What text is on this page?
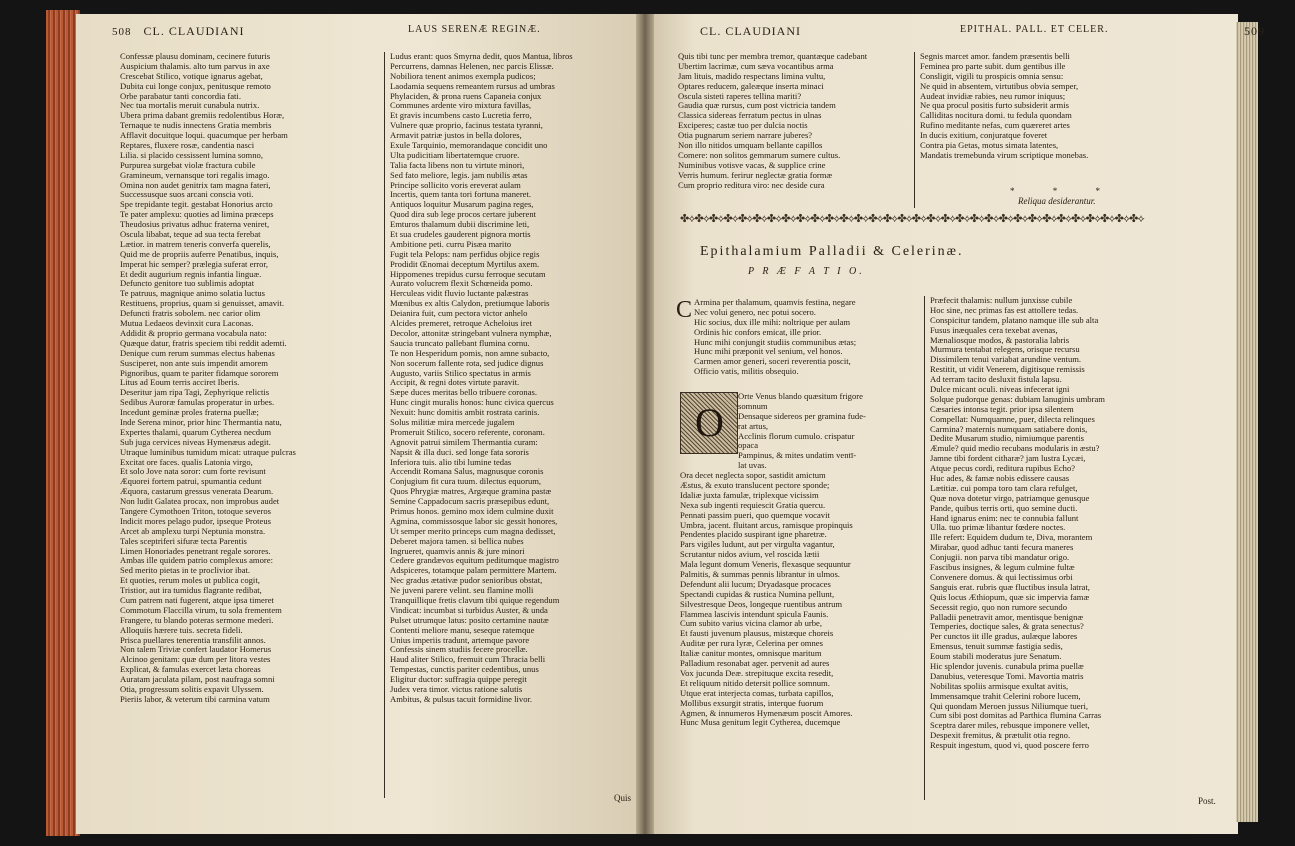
508 CL. CLAUDIANI	LAUS SERENÆ REGINÆ.
Confessæ plausu dominam, cecinere futuris
Auspicium thalamis. alto tum parvus in axe
Crescebat Stilico, votique ignarus agebat,
Dubita cui longe conjux, penitusque remoto
Orbe parabatur tanti concordia fati.
Nec tua mortalis meruit cunabula nutrix.
Ubera prima dabant gremiis redolentibus Horæ,
Ternaque te nudis innectens Gratia membris
Afflavit docuitque loqui. quacumque per herbam
Reptares, fluxere rosæ, candentia nasci
Lilia. si placido cessissent lumina somno,
Purpurea surgebat violæ fractura cubile
Gramineum, vernansque tori regalis imago.
Omina non audet genitrix tam magna fateri,
Successusque suos arcani conscia voti.
Spe trepidante tegit. gestabat Honorius arcto
Te pater amplexu: quoties ad limina præceps
Theudosius privatus adhuc fraterna veniret,
Oscula libabat, teque ad sua tecta ferebat
Lætior. in matrem teneris converfa querelis,
Quid me de propriis auferre Penatibus, inquis,
Imperat hic semper? prælegia suferat error,
Et dedit augurium regnis infantia linguæ.
Defuncto genitore tuo sublimis adoptat
Te patruus, magnique animo solatia luctus
Restituens, proprius, quam si genuisset, amavit.
Defuncti fratris sobolem. nec carior olim
Mutua Ledaeos devinxit cura Laconas.
Addidit & proprio germana vocabula nato:
Quæque datur, fratris speciem tibi reddit ademti.
Denique cum rerum summas electus habenas
Susciperet, non ante suis impendit amorem
Pignoribus, quam te pariter fidamque sororem
Litus ad Eoum terris acciret Iberis.
Deseritur jam ripa Tagi, Zephyrique relictis
Sedibus Auroræ famulas properatur in urbes.
Incedunt geminæ proles fraterna puellæ;
Inde Serena minor, prior hinc Thermantia natu,
Expertes thalami, quarum Cytherea necdum
Sub juga cervices niveas Hymenæus adegit.
Utraque luminibus tumidum micat: utraque pulcras
Excitat ore faces. qualis Latonia virgo,
Et solo Jove nata soror: cum forte revisunt
Æquorei fortem patrui, spumantia cedunt
Æquora, castarum gressus venerata Dearum.
Non ludit Galatea procax, non improbus audet
Tangere Cymothoen Triton, totoque severos
Indicit mores pelago pudor, ipseque Proteus
Arcet ab amplexu turpi Neptunia monstra.
Tales sceptriferi sifuræ tecta Parentis
Limen Honoriades penetrant regale sorores.
Ambas ille quidem patrio complexus amore:
Sed merito pietas in te proclivior ibat.
Et quoties, rerum moles ut publica cogit,
Tristior, aut ira tumidus flagrante redibat,
Cum patrem nati fugerent, atque ipsa timeret
Commotum Flaccilla virum, tu sola frementem
Frangere, tu blando poteras sermone mederi.
Alloquiis hærere tuis. secreta fideli.
Prisca puellares tenerentia transfilit annos.
Non talem Triviæ confert laudator Homerus
Alcinoo genitam: quæ dum per litora vestes
Explicat, & famulas exercet læta choreas
Auratam jaculata pilam, post naufraga somni
Otia, progressum solitis expavit Ulyssem.
Pieriis labor, & veterum tibi carmina vatum
Ludus erant: quos Smyrna dedit, quos Mantua, libros
Percurrens, damnas Helenen, nec parcis Elissæ.
Nobiliora tenent animos exempla pudicos;
Laodamia sequens remeantem rursus ad umbras
Phylaciden, & prona ruens Capaneia conjux
Communes ardente viro mixtura favillas,
Et gravis incumbens casto Lucretia ferro,
Vulnere quæ proprio, facinus testata tyranni,
Armavit patriæ justos in bella dolores,
Exule Tarquinio, memorandaque concidit uno
Ulta pudicitiam libertatemque cruore.
Talia facta libens non tu virtute minori,
Sed fato meliore, legis. jam nubilis ætas
Principe sollicito voris ereverat aulam
Incertis, quem tanta tori fortuna maneret.
Antiquos loquitur Musarum pagina reges,
Quod dira sub lege procos certare juberent
Emturos thalamum dubii discrimine leti,
Et sua crudeles gauderent pignora mortis
Ambitione peti. curru Pisæa marito
Fugit tela Pelops: nam perfidus objice regis
Prodidit Œnomai deceptum Myrtilus axem.
Hippomenes trepidus cursu ferroque secutam
Aurato volucrem flexit Schœneida pomo.
Herculeas vidit fluvio luctante palæstras
Mœnibus ex altis Calydon, pretiumque laboris
Deianira fuit, cum pectora victor anhelo
Alcides premeret, retroque Acheloius iret
Decolor, attonitæ stringebant vulnera nymphæ,
Saucia truncato pallebant flumina cornu.
Te non Hesperidum pomis, non amne subacto,
Non socerum fallente rota, sed judice dignus
Augusto, variis Stilico spectatus in armis
Accipit, & regni dotes virtute paravit.
Sæpe duces meritas bello tribuere coronas.
Hunc cingit muralis honos: hunc civica quercus
Nexuit: hunc domitis ambit rostrata carinis.
Solus militiæ mira mercede jugalem
Promeruit Stilico, socero referente, coronam.
Agnovit patrui similem Thermantia curam:
Napsit & illa duci. sed longe fata sororis
Inferiora tuis. alio tibi lumine tedas
Accendit Romana Salus, magnusque coronis
Conjugium fit cura tuum. dilectus equorum,
Quos Phrygiæ matres, Argæque gramina pastæ
Semine Cappadocum sacris præsepibus edunt,
Primus honos. gemino mox idem culmine duxit
Agmina, commissosque labor sic gessit honores,
Ut semper merito princeps cum magna dedisset,
Deberet majora tamen. si bellica nubes
Ingrueret, quamvis annis & jure minori
Cedere grandævos equitum peditumque magistro
Adspiceres, totamque palam permittere Martem.
Nec gradus ætativæ pudor senioribus obstat,
Ne juveni parere velint. seu flamine molli
Tranquillique fretis clavum tibi quique regendum
Vindicat: incumbat si turbidus Auster, & unda
Pulset utrumque latus: posito certamine nautæ
Contenti meliore manu, seseque ratemque
Unius imperiis tradunt, artemque pavore
Confessis sinem studiis fecere procellæ.
Haud aliter Stilico, fremuit cum Thracia belli
Tempestas, cunctis pariter cedentibus, unus
Eligitur ductor: suffragia quippe peregit
Judex vera timor. victus ratione salutis
Ambitus, & pulsus tacuit formidine livor.
Quis
CL. CLAUDIANI	EPITHAL. PALL. ET CELER.	509
Quis tibi tunc per membra tremor, quantæque cadebant
Ubertim lacrimæ, cum sæva vocantibus arma
Jam lituis, madido respectans limina vultu,
Optares reducem, galeæque inserta minaci
Oscula sisteti raperes tellina mariti?
Gaudia quæ rursus, cum post victricia tandem
Classica sidereas ferratum pectus in ulnas
Exciperes; castæ tuo per dulcia noctis
Otia pugnarum seriem narrare juberes?
Non illo nitidos umquam bellante capillos
Comere: non solitos gemmarum sumere cultus.
Numinibus votisve vacas, & supplice crine
Verris humum. ferirur neglectæ gratia formæ
Cum proprio reditura viro: nec deside cura
Segnis marcet amor. fandem præsentis belli
Feminea pro parte subit. dum gentibus ille
Consligit, vigili tu prospicis omnia sensu:
Ne quid in absentem, virtutibus obvia semper,
Audeat invidiæ rabies, neu rumor iniquus;
Ne qua procul positis furto subsiderit armis
Calliditas nocitura domi. tu fedula quondam
Rufino meditante nefas, cum quæreret artes
In ducis exitium, conjuratque foveret
Contra pia Getas, motus simata latentes,
Mandatis tremebunda virum scriptique monebas.
* * *
Reliqua desiderantur.
✤⟡✤⟡✤⟡✤⟡✤⟡✤⟡✤⟡✤⟡✤⟡✤⟡✤⟡✤⟡✤⟡✤⟡✤⟡✤⟡✤⟡✤⟡✤⟡✤⟡✤⟡✤⟡✤⟡✤⟡✤⟡✤⟡✤⟡✤⟡✤⟡✤⟡✤⟡✤⟡
Epithalamium Palladii & Celerinæ.
P R Æ F A T I O.
C Armina per thalamum, quamvis festina, negare
Nec volui genero, nec potui socero.
Hic socius, dux ille mihi: noltrique per aulam
Ordinis hic confors emicat, ille prior.
Hunc mihi conjungit studiis communibus ætas;
Hunc mihi præponit vel senium, vel honos.
Carmen amor generi, soceri reverentia poscit,
Officio vatis, militis obsequio.
O
Orte Venus blando quæsitum frigore
somnum
Densaque sidereos per gramina fude-
rat artus,
Acclinis florum cumulo. crispatur
opaca
Pampinus, & mites undatim ventī-
lat uvas.
Ora decet neglecta sopor, sastidit amictum
Æstus, & exuto translucent pectore sponde;
Idaliæ juxta famulæ, triplexque vicissim
Nexa sub ingenti requiescit Gratia quercu.
Pennati passim pueri, quo quemque vocavit
Umbra, jacent. fluitant arcus, ramisque propinquis
Pendentes placido suspirant igne pharetræ.
Pars vigiles ludunt, aut per virgulta vagantur,
Scrutantur nidos avium, vel roscida lætii
Mala legunt domum Veneris, flexasque sequuntur
Palmitis, & summas pennis librantur in ulmos.
Defendunt alii lucum; Dryadasque procaces
Spectandi cupidas & rustica Numina pellunt,
Silvestresque Deos, longeque ruentibus antrum
Flammea lascivis intendunt spicula Faunis.
Cum subito varius vicina clamor ab urbe,
Et fausti juvenum plausus, mistæque choreis
Auditæ per rura lyræ, Celerina per omnes
Italiæ canitur montes, omnisque maritum
Palladium resonabat ager. pervenit ad aures
Vox jucunda Deæ. strepituque excita resedit,
Et reliquum nitido detersit pollice somnum.
Utque erat interjecta comas, turbata capillos,
Mollibus exsurgit stratis, interque fuorum
Agmen, & innumeros Hymenæum poscit Amores.
Hunc Musa genitum legit Cytherea, ducemque
Præfecit thalamis: nullum junxisse cubile
Hoc sine, nec primas fas est attollere tedas.
Conspicitur tandem, platano namque ille sub alta
Fusus inæquales cera texebat avenas,
Mænaliosque modos, & pastoralia labris
Murmura tentabat relegens, orisque recursu
Dissimilem tenui variabat arundine ventum.
Restitit, ut vidit Venerem, digitisque remissis
Ad terram tacito desluxit fistula lapsu.
Dulce micant oculi. niveas infecerat igni
Solque pudorque genas: dubiam lanuginis umbram
Cæsaries intonsa tegit. prior ipsa silentem
Compellat: Numquamne, puer, dilecta relinques
Carmina? maternis numquam satiabere donis,
Dedite Musarum studio, nimiumque parentis
Æmule? quid medio recubans modularis in æstu?
Jamne tibi fordent citharæ? jam lustra Lycæi,
Atque pecus cordi, reditura rupibus Echo?
Huc ades, & famæ nobis edissere causas
Lætitiæ. cui pompa toro tam clara refulget,
Quæ nova dotetur virgo, patriamque genusque
Pande, quibus terris orti, quo semine ducti.
Hand ignarus enim: nec te connubia fallunt
Ulla. tuo primæ libantur fœdere noctes.
Ille refert: Equidem dudum te, Diva, morantem
Mirabar, quod adhuc tanti fecura maneres
Conjugii. non parva tibi mandatur origo.
Fascibus insignes, & legum culmine fultæ
Convenere domus. & qui lectissimus orbi
Sanguis erat. rubris quæ fluctibus insula latrat,
Quis locus Æthiopum, quæ sic impervia famæ
Secessit regio, quo non rumore secundo
Palladii penetravit amor, mentisque benignæ
Temperies, doctique sales, & grata senectus?
Per cunctos iit ille gradus, aulæque labores
Emensus, tenuit summæ fastigia sedis,
Eoum stabili moderatus jure Senatum.
Hic splendor juvenis. cunabula prima puellæ
Danubius, veteresque Tomi. Mavortia matris
Nobilitas spoliis armisque exultat avitis,
Immensamque trahit Celerini robore lucem,
Qui quondam Meroen jussus Niliumque tueri,
Cum sibi post domitas ad Parthica flumina Carras
Sceptra darer miles, rebusque imponere vellet,
Despexit fremitus, & prætulit otia regno.
Respuit ingestum, quod vi, quod poscere ferro
Post.
